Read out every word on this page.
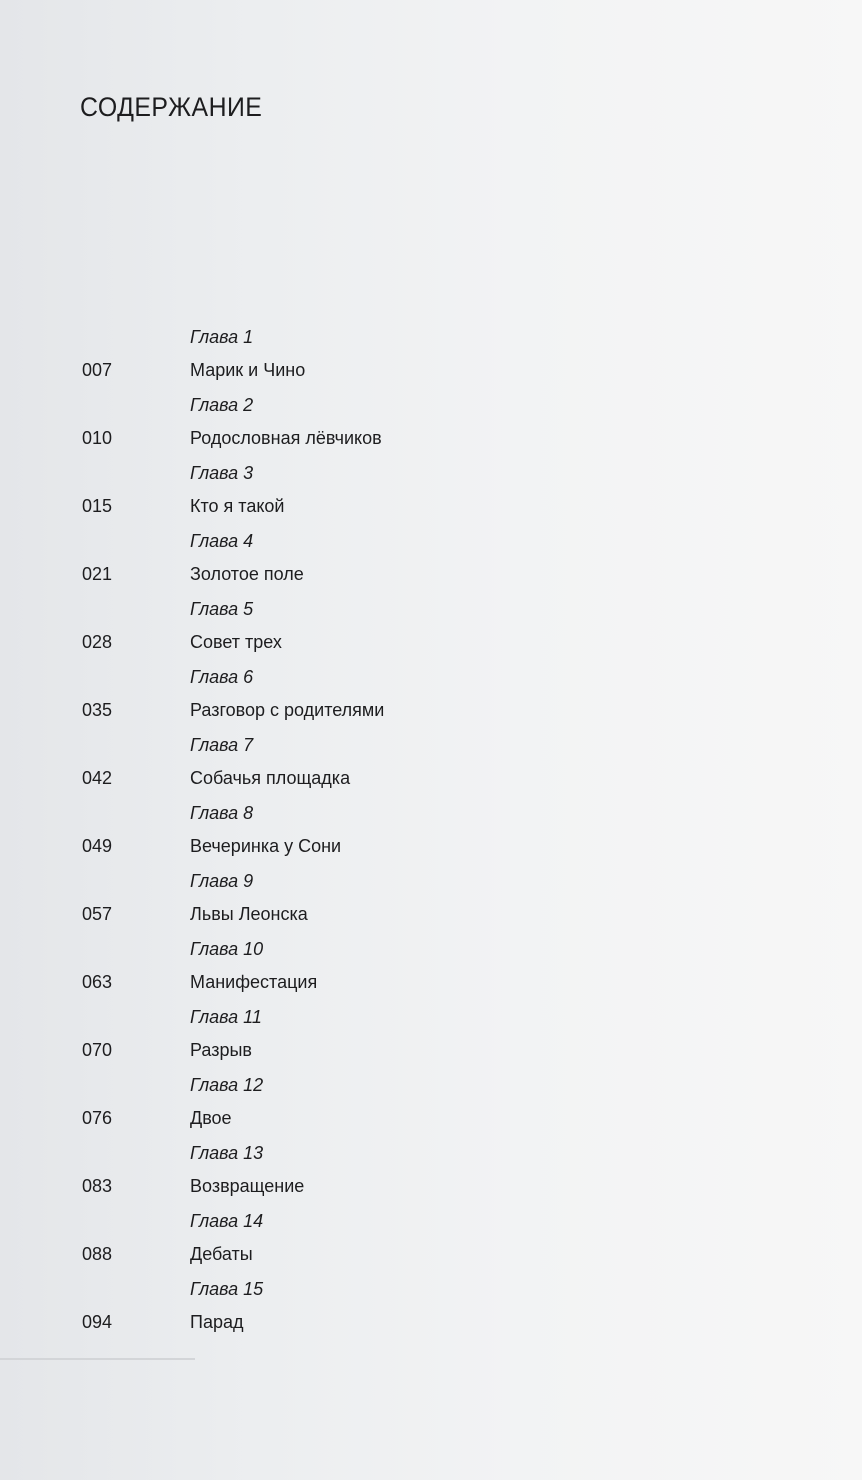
СОДЕРЖАНИЕ
Глава 1
007	Марик и Чино
Глава 2
010	Родословная лёвчиков
Глава 3
015	Кто я такой
Глава 4
021	Золотое поле
Глава 5
028	Совет трех
Глава 6
035	Разговор с родителями
Глава 7
042	Собачья площадка
Глава 8
049	Вечеринка у Сони
Глава 9
057	Львы Леонска
Глава 10
063	Манифестация
Глава 11
070	Разрыв
Глава 12
076	Двое
Глава 13
083	Возвращение
Глава 14
088	Дебаты
Глава 15
094	Парад
